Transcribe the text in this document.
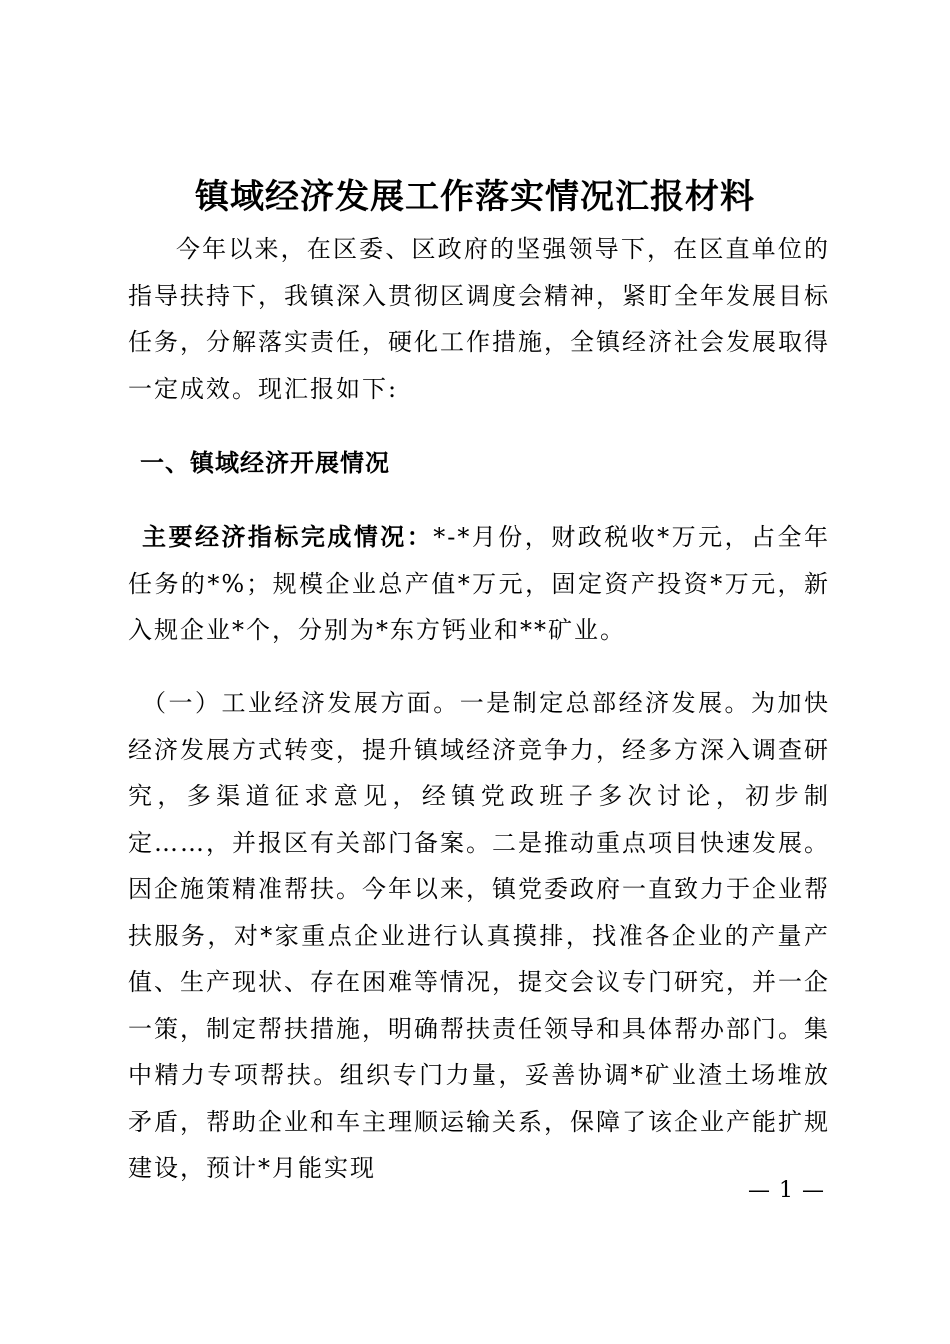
镇域经济发展工作落实情况汇报材料
今年以来，在区委、区政府的坚强领导下，在区直单位的指导扶持下，我镇深入贯彻区调度会精神，紧盯全年发展目标任务，分解落实责任，硬化工作措施，全镇经济社会发展取得一定成效。现汇报如下:
一、镇域经济开展情况
主要经济指标完成情况：*-*月份，财政税收*万元，占全年任务的*%；规模企业总产值*万元，固定资产投资*万元，新入规企业*个，分别为*东方钙业和**矿业。
（一）工业经济发展方面。一是制定总部经济发展。为加快经济发展方式转变，提升镇域经济竞争力，经多方深入调查研究，多渠道征求意见，经镇党政班子多次讨论，初步制定……，并报区有关部门备案。二是推动重点项目快速发展。因企施策精准帮扶。今年以来，镇党委政府一直致力于企业帮扶服务，对*家重点企业进行认真摸排，找准各企业的产量产值、生产现状、存在困难等情况，提交会议专门研究，并一企一策，制定帮扶措施，明确帮扶责任领导和具体帮办部门。集中精力专项帮扶。组织专门力量，妥善协调*矿业渣土场堆放矛盾，帮助企业和车主理顺运输关系，保障了该企业产能扩规建设，预计*月能实现
— 1 —
